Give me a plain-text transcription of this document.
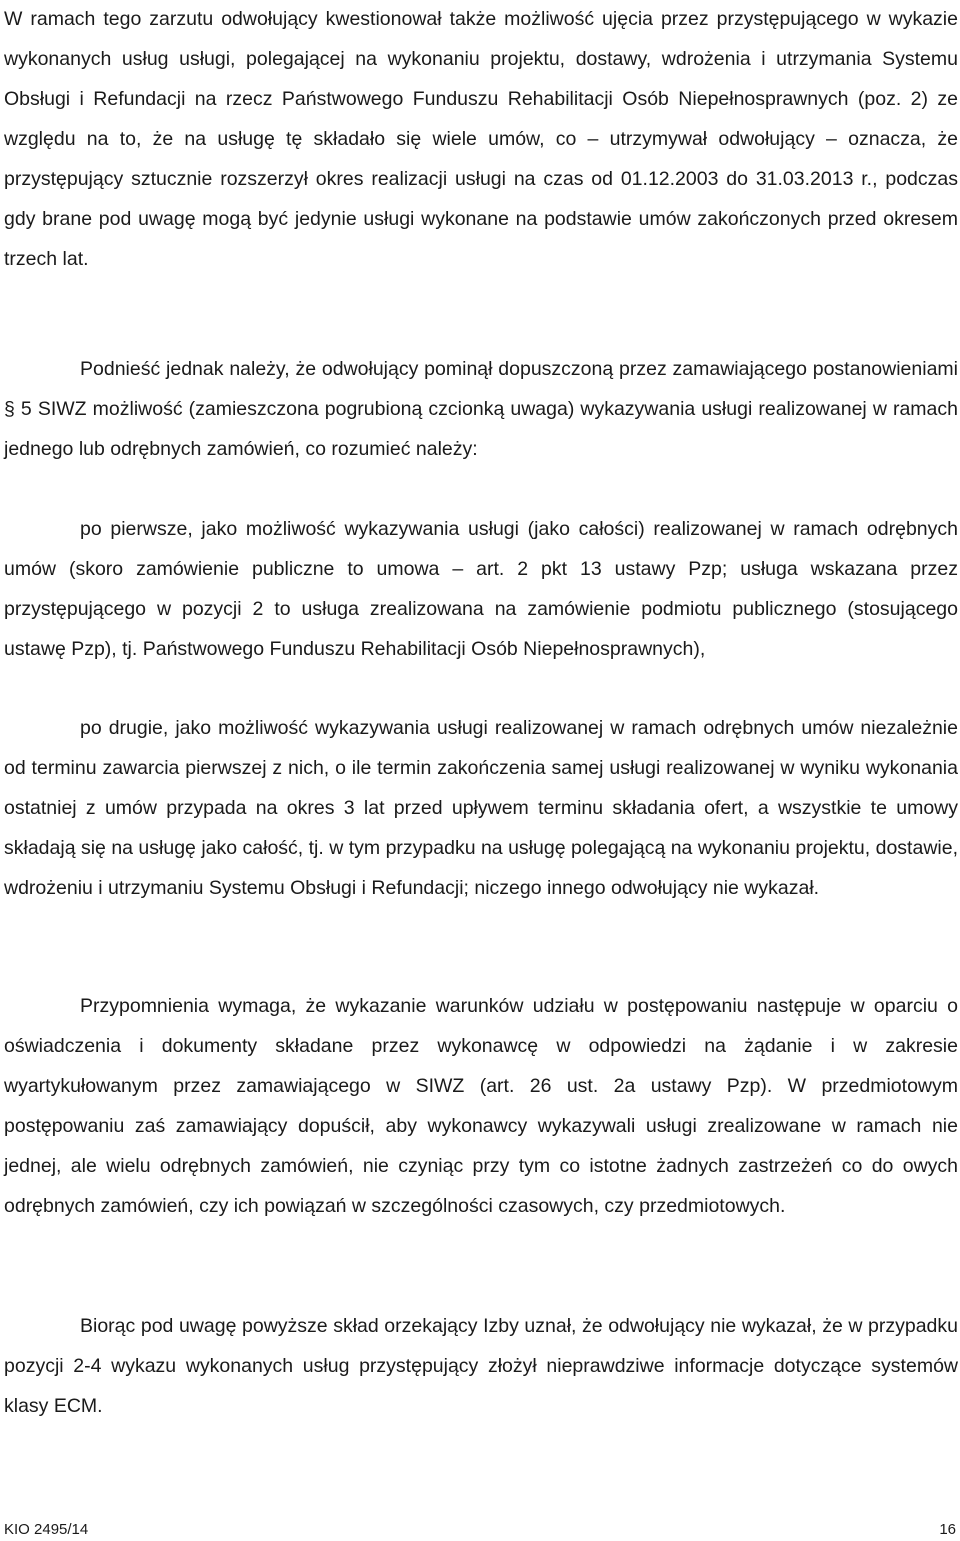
W ramach tego zarzutu odwołujący kwestionował także możliwość ujęcia przez przystępującego w wykazie wykonanych usług usługi, polegającej na wykonaniu projektu, dostawy, wdrożenia i utrzymania Systemu Obsługi i Refundacji na rzecz Państwowego Funduszu Rehabilitacji Osób Niepełnosprawnych (poz. 2) ze względu na to, że na usługę tę składało się wiele umów, co – utrzymywał odwołujący – oznacza, że przystępujący sztucznie rozszerzył okres realizacji usługi na czas od 01.12.2003 do 31.03.2013 r., podczas gdy brane pod uwagę mogą być jedynie usługi wykonane na podstawie umów zakończonych przed okresem trzech lat.

Podnieść jednak należy, że odwołujący pominął dopuszczoną przez zamawiającego postanowieniami § 5 SIWZ możliwość (zamieszczona pogrubioną czcionką uwaga) wykazywania usługi realizowanej w ramach jednego lub odrębnych zamówień, co rozumieć należy:

po pierwsze, jako możliwość wykazywania usługi (jako całości) realizowanej w ramach odrębnych umów (skoro zamówienie publiczne to umowa – art. 2 pkt 13 ustawy Pzp; usługa wskazana przez przystępującego w pozycji 2 to usługa zrealizowana na zamówienie podmiotu publicznego (stosującego ustawę Pzp), tj. Państwowego Funduszu Rehabilitacji Osób Niepełnosprawnych),

po drugie, jako możliwość wykazywania usługi realizowanej w ramach odrębnych umów niezależnie od terminu zawarcia pierwszej z nich, o ile termin zakończenia samej usługi realizowanej w wyniku wykonania ostatniej z umów przypada na okres 3 lat przed upływem terminu składania ofert, a wszystkie te umowy składają się na usługę jako całość, tj. w tym przypadku na usługę polegającą na wykonaniu projektu, dostawie, wdrożeniu i utrzymaniu Systemu Obsługi i Refundacji; niczego innego odwołujący nie wykazał.

Przypomnienia wymaga, że wykazanie warunków udziału w postępowaniu następuje w oparciu o oświadczenia i dokumenty składane przez wykonawcę w odpowiedzi na żądanie i w zakresie wyartykułowanym przez zamawiającego w SIWZ (art. 26 ust. 2a ustawy Pzp). W przedmiotowym postępowaniu zaś zamawiający dopuścił, aby wykonawcy wykazywali usługi zrealizowane w ramach nie jednej, ale wielu odrębnych zamówień, nie czyniąc przy tym co istotne żadnych zastrzeżeń co do owych odrębnych zamówień, czy ich powiązań w szczególności czasowych, czy przedmiotowych.

Biorąc pod uwagę powyższe skład orzekający Izby uznał, że odwołujący nie wykazał, że w przypadku pozycji 2-4 wykazu wykonanych usług przystępujący złożył nieprawdziwe informacje dotyczące systemów klasy ECM.

KIO 2495/14	16
